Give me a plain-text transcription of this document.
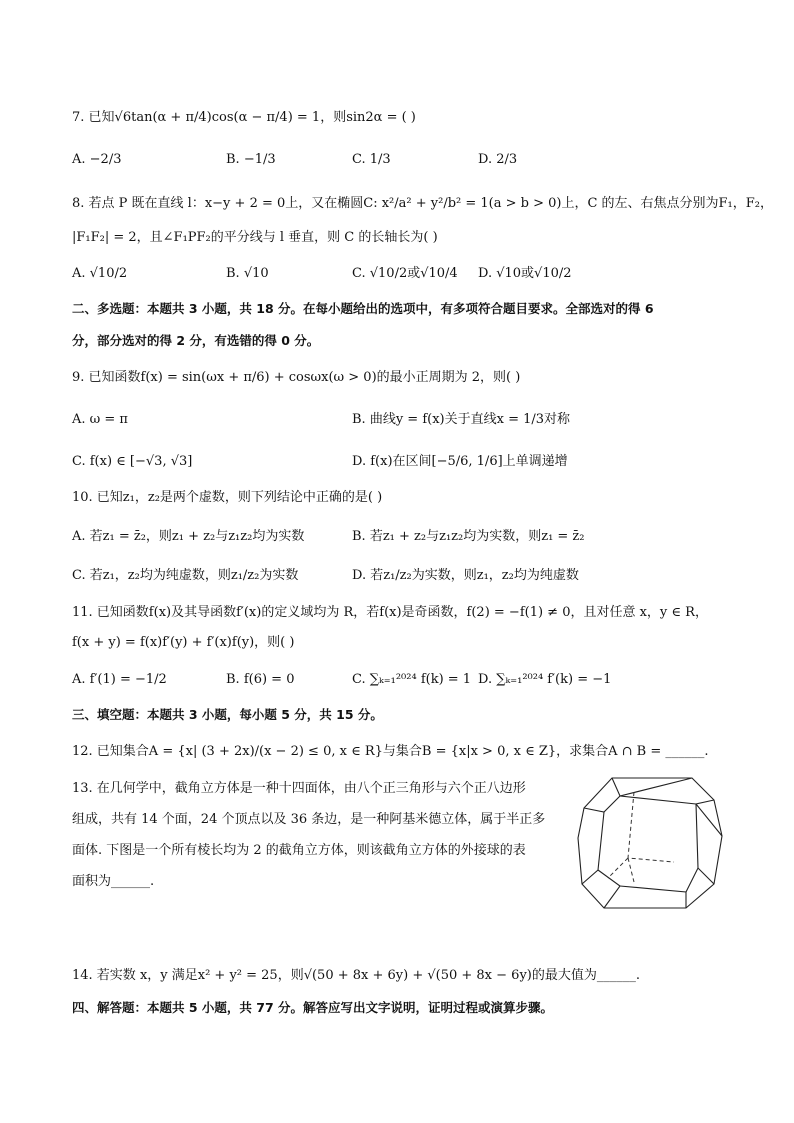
7. 已知√6tan(α + π/4)cos(α − π/4) = 1，则sin2α = ( )
A. −2/3	B. −1/3	C. 1/3	D. 2/3
8. 若点 P 既在直线 l：x−y + 2 = 0上，又在椭圆C: x²/a² + y²/b² = 1(a > b > 0)上，C 的左、右焦点分别为F₁，F₂，
|F₁F₂| = 2，且∠F₁PF₂的平分线与 l 垂直，则 C 的长轴长为( )
A. √10/2	B. √10	C. √10/2或√10/4 D. √10或√10/2
二、多选题：本题共 3 小题，共 18 分。在每小题给出的选项中，有多项符合题目要求。全部选对的得 6
分，部分选对的得 2 分，有选错的得 0 分。
9. 已知函数f(x) = sin(ωx + π/6) + cosωx(ω > 0)的最小正周期为 2，则( )
A. ω = π	B. 曲线y = f(x)关于直线x = 1/3对称
C. f(x) ∈ [−√3, √3]	D. f(x)在区间[−5/6, 1/6]上单调递增
10. 已知z₁，z₂是两个虚数，则下列结论中正确的是( )
A. 若z₁ = z̄₂，则z₁ + z₂与z₁z₂均为实数	B. 若z₁ + z₂与z₁z₂均为实数，则z₁ = z̄₂
C. 若z₁，z₂均为纯虚数，则z₁/z₂为实数	D. 若z₁/z₂为实数，则z₁，z₂均为纯虚数
11. 已知函数f(x)及其导函数f′(x)的定义域均为 R，若f(x)是奇函数，f(2) = −f(1) ≠ 0，且对任意 x，y ∈ R，
f(x + y) = f(x)f′(y) + f′(x)f(y)，则( )
A. f′(1) = −1/2	B. f(6) = 0	C. ∑ₖ₌₁²⁰²⁴ f(k) = 1 D. ∑ₖ₌₁²⁰²⁴ f′(k) = −1
三、填空题：本题共 3 小题，每小题 5 分，共 15 分。
12. 已知集合A = {x| (3 + 2x)/(x − 2) ≤ 0, x ∈ R}与集合B = {x|x > 0, x ∈ Z}，求集合A ∩ B = ______.
13. 在几何学中，截角立方体是一种十四面体，由八个正三角形与六个正八边形
组成，共有 14 个面，24 个顶点以及 36 条边，是一种阿基米德立体，属于半正多
面体. 下图是一个所有棱长均为 2 的截角立方体，则该截角立方体的外接球的表
面积为______.
14. 若实数 x，y 满足x² + y² = 25，则√(50 + 8x + 6y) + √(50 + 8x − 6y)的最大值为______.
四、解答题：本题共 5 小题，共 77 分。解答应写出文字说明，证明过程或演算步骤。
